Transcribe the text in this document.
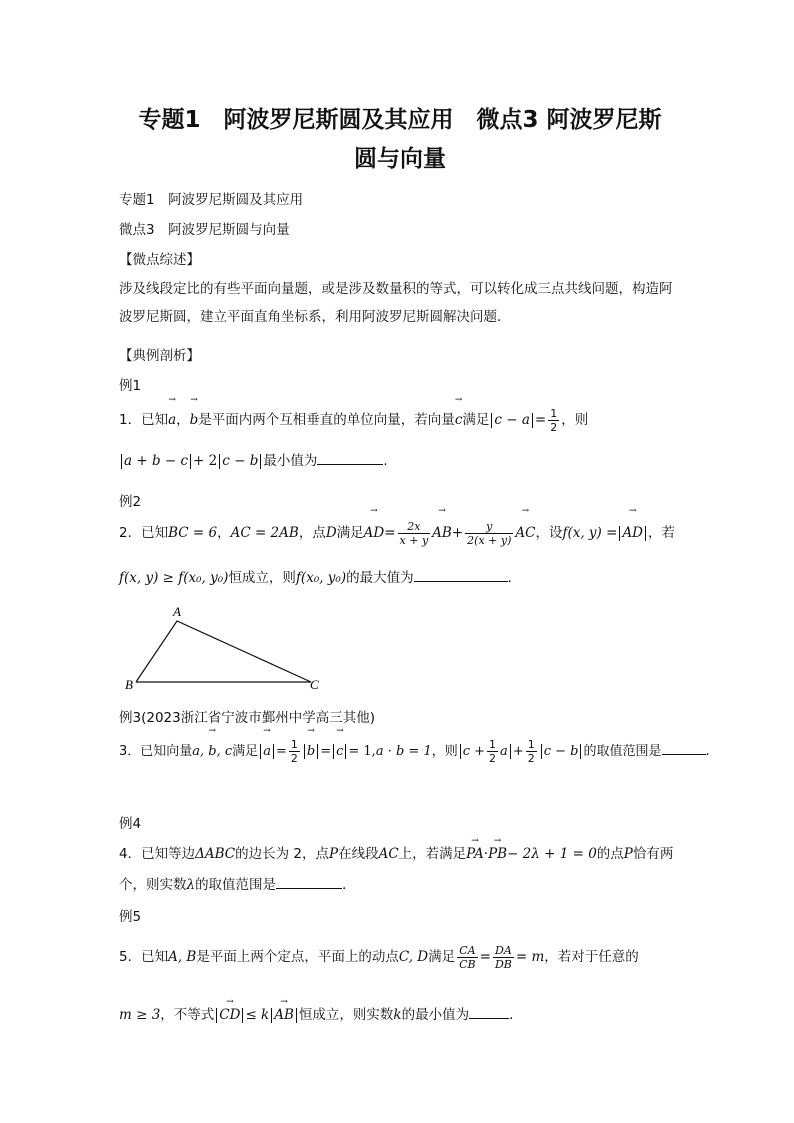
专题1　阿波罗尼斯圆及其应用　微点3 阿波罗尼斯
圆与向量
专题1　阿波罗尼斯圆及其应用
微点3　阿波罗尼斯圆与向量
【微点综述】
涉及线段定比的有些平面向量题，或是涉及数量积的等式，可以转化成三点共线问题，构造阿波罗尼斯圆，建立平面直角坐标系，利用阿波罗尼斯圆解决问题．
【典例剖析】
例1
1．已知→ a，→ b是平面内两个互相垂直的单位向量，若向量→ c满足 $c - a = \frac{1}{2}$ ，则
a + b − c + 2 c − b 最小值为	.
例2
2．已知BC = 6，AC = 2AB，点D满足→ $AD= \frac{2x}{x + y}$
→ $AB+ \frac{y}{2(x + y)}$
→ AC，设f(x, y) =→ AD ，若
f(x, y) ≥ f(x₀, y₀)恒成立，则f(x₀, y₀)的最大值为	．
A
B	C
例3(2023浙江省宁波市鄞州中学高三其他)
3．已知向量→ a, b, c满足→ $a = \frac{1}{2}$
→ b =→ c = 1,a · b = 1，则 $c + \frac{1}{2}$ $a + \frac{1}{2}$ c − b 的取值范围是	.
例4
4．已知等边ΔABC的边长为 2，点P在线段AC上，若满足→ PA·→ PB− 2λ + 1 = 0的点P恰有两
个，则实数λ的取值范围是	．
例5
5．已知A, B是平面上两个定点，平面上的动点C, D满足 $\frac{CA}{CB} = \frac{DA}{DB} = m$，若对于任意的
m ≥ 3，不等式→ CD ≤ k→ AB 恒成立，则实数k的最小值为	．
